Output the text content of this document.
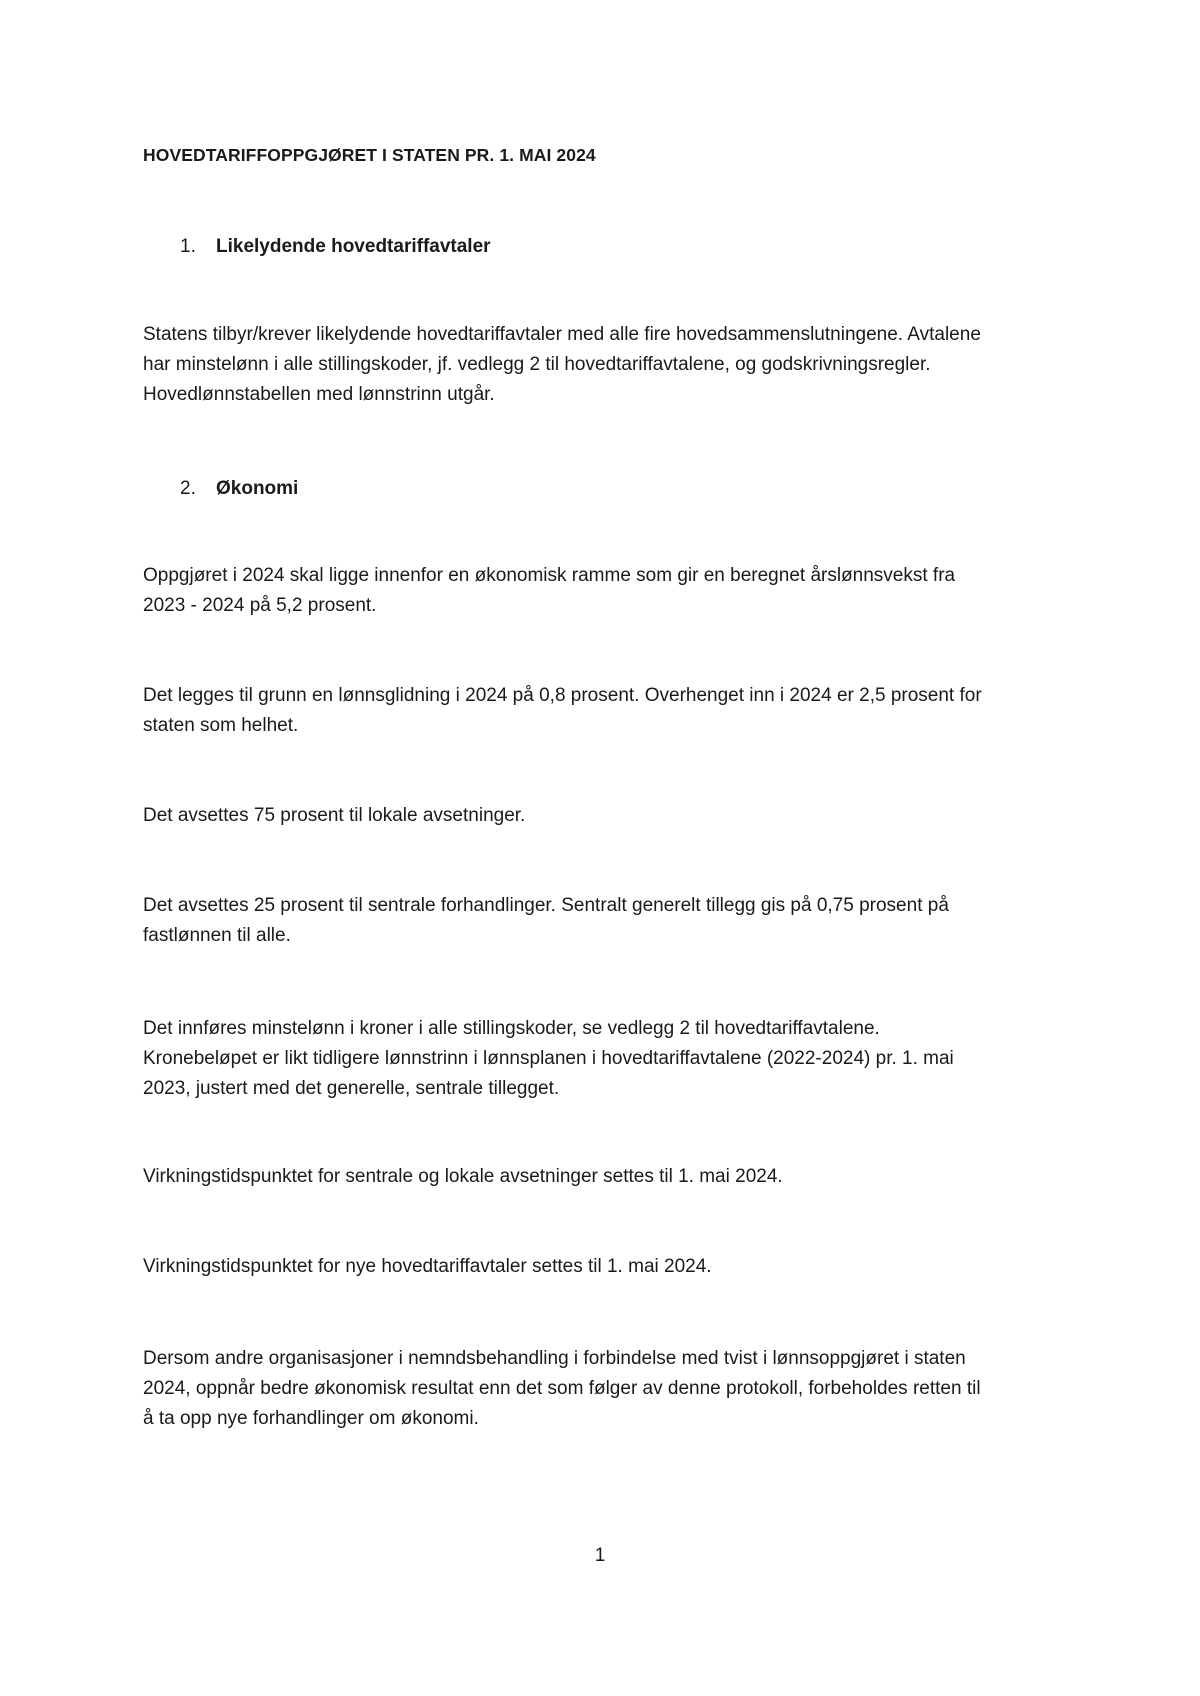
HOVEDTARIFFOPPGJØRET I STATEN PR. 1. MAI 2024
1. Likelydende hovedtariffavtaler
Statens tilbyr/krever likelydende hovedtariffavtaler med alle fire hovedsammenslutningene. Avtalene
har minstelønn i alle stillingskoder, jf. vedlegg 2 til hovedtariffavtalene, og godskrivningsregler.
Hovedlønnstabellen med lønnstrinn utgår.
2. Økonomi
Oppgjøret i 2024 skal ligge innenfor en økonomisk ramme som gir en beregnet årslønnsvekst fra
2023 - 2024 på 5,2 prosent.
Det legges til grunn en lønnsglidning i 2024 på 0,8 prosent. Overhenget inn i 2024 er 2,5 prosent for
staten som helhet.
Det avsettes 75 prosent til lokale avsetninger.
Det avsettes 25 prosent til sentrale forhandlinger. Sentralt generelt tillegg gis på 0,75 prosent på
fastlønnen til alle.
Det innføres minstelønn i kroner i alle stillingskoder, se vedlegg 2 til hovedtariffavtalene.
Kronebeløpet er likt tidligere lønnstrinn i lønnsplanen i hovedtariffavtalene (2022-2024) pr. 1. mai
2023, justert med det generelle, sentrale tillegget.
Virkningstidspunktet for sentrale og lokale avsetninger settes til 1. mai 2024.
Virkningstidspunktet for nye hovedtariffavtaler settes til 1. mai 2024.
Dersom andre organisasjoner i nemndsbehandling i forbindelse med tvist i lønnsoppgjøret i staten
2024, oppnår bedre økonomisk resultat enn det som følger av denne protokoll, forbeholdes retten til
å ta opp nye forhandlinger om økonomi.
1
